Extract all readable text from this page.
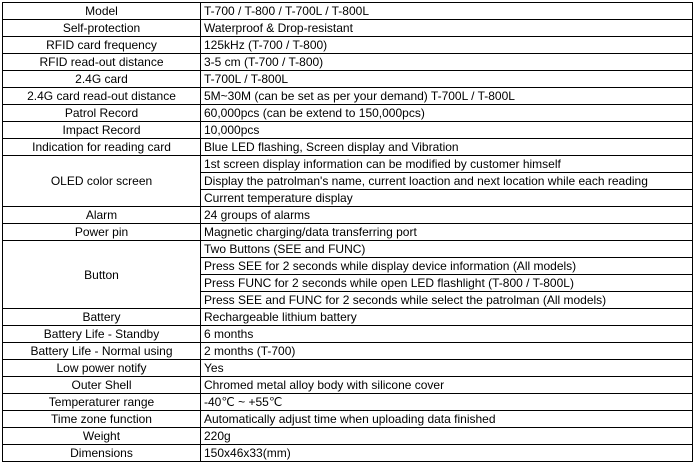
Model	T-700 / T-800 / T-700L / T-800L
Self-protection	Waterproof & Drop-resistant
RFID card frequency	125kHz (T-700 / T-800)
RFID read-out distance	3-5 cm (T-700 / T-800)
2.4G card	T-700L / T-800L
2.4G card read-out distance	5M~30M (can be set as per your demand) T-700L / T-800L
Patrol Record	60,000pcs (can be extend to 150,000pcs)
Impact Record	10,000pcs
Indication for reading card	Blue LED flashing, Screen display and Vibration
OLED color screen	1st screen display information can be modified by customer himself
	Display the patrolman's name, current loaction and next location while each reading
	Current temperature display
Alarm	24 groups of alarms
Power pin	Magnetic charging/data transferring port
Button	Two Buttons (SEE and FUNC)
	Press SEE for 2 seconds while display device information (All models)
	Press FUNC for 2 seconds while open LED flashlight (T-800 / T-800L)
	Press SEE and FUNC for 2 seconds while select the patrolman (All models)
Battery	Rechargeable lithium battery
Battery Life - Standby	6 months
Battery Life - Normal using	2 months (T-700)
Low power notify	Yes
Outer Shell	Chromed metal alloy body with silicone cover
Temperaturer range	-40℃ ~ +55℃
Time zone function	Automatically adjust time when uploading data finished
Weight	220g
Dimensions	150x46x33(mm)
